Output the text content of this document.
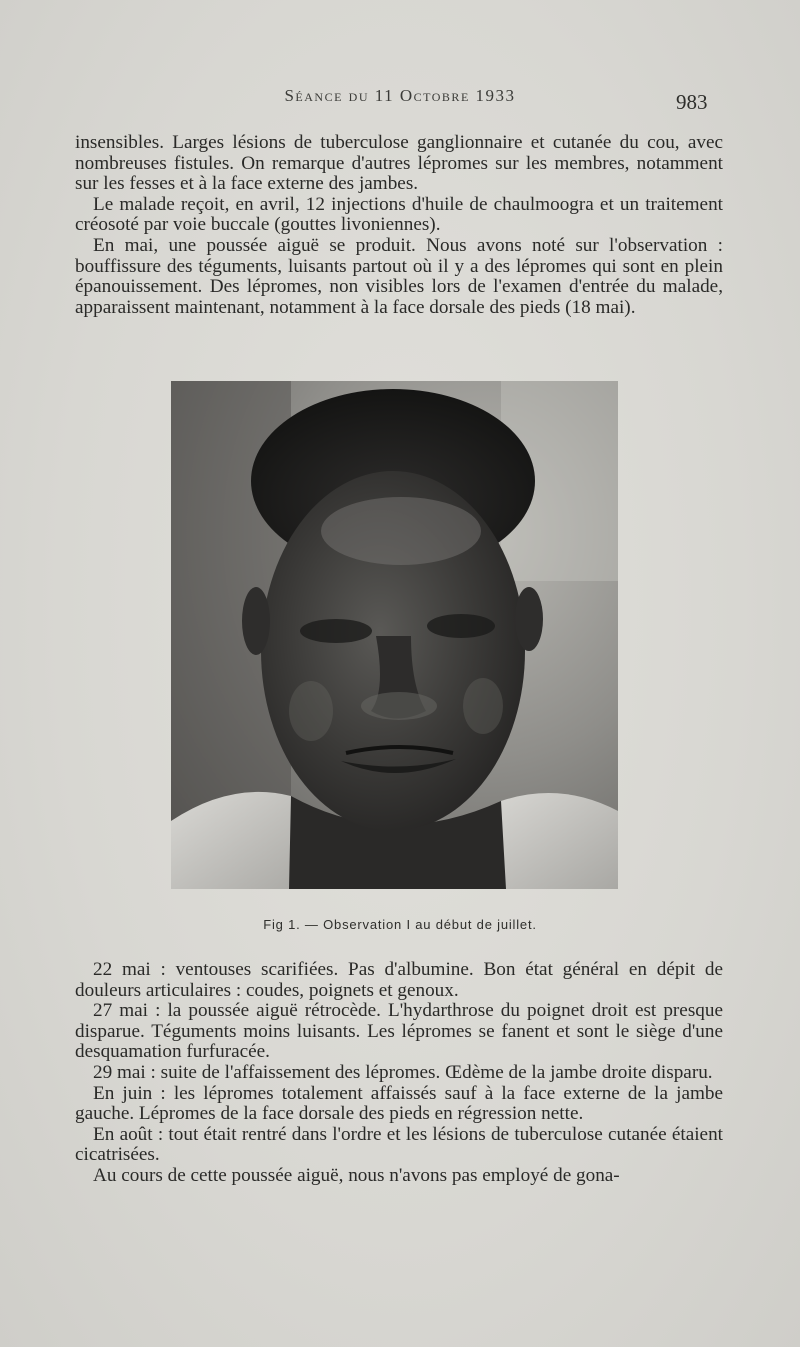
Séance du 11 Octobre 1933	983

insensibles. Larges lésions de tuberculose ganglionnaire et cutanée du cou, avec nombreuses fistules. On remarque d'autres lépromes sur les membres, notamment sur les fesses et à la face externe des jambes.

Le malade reçoit, en avril, 12 injections d'huile de chaulmoogra et un traitement créosoté par voie buccale (gouttes livoniennes).

En mai, une poussée aiguë se produit. Nous avons noté sur l'observation : bouffissure des téguments, luisants partout où il y a des lépromes qui sont en plein épanouissement. Des lépromes, non visibles lors de l'examen d'entrée du malade, apparaissent maintenant, notamment à la face dorsale des pieds (18 mai).

Fig 1. — Observation I au début de juillet.

22 mai : ventouses scarifiées. Pas d'albumine. Bon état général en dépit de douleurs articulaires : coudes, poignets et genoux.

27 mai : la poussée aiguë rétrocède. L'hydarthrose du poignet droit est presque disparue. Téguments moins luisants. Les lépromes se fanent et sont le siège d'une desquamation furfuracée.

29 mai : suite de l'affaissement des lépromes. Œdème de la jambe droite disparu.

En juin : les lépromes totalement affaissés sauf à la face externe de la jambe gauche. Lépromes de la face dorsale des pieds en régression nette.

En août : tout était rentré dans l'ordre et les lésions de tuberculose cutanée étaient cicatrisées.

Au cours de cette poussée aiguë, nous n'avons pas employé de gona-
